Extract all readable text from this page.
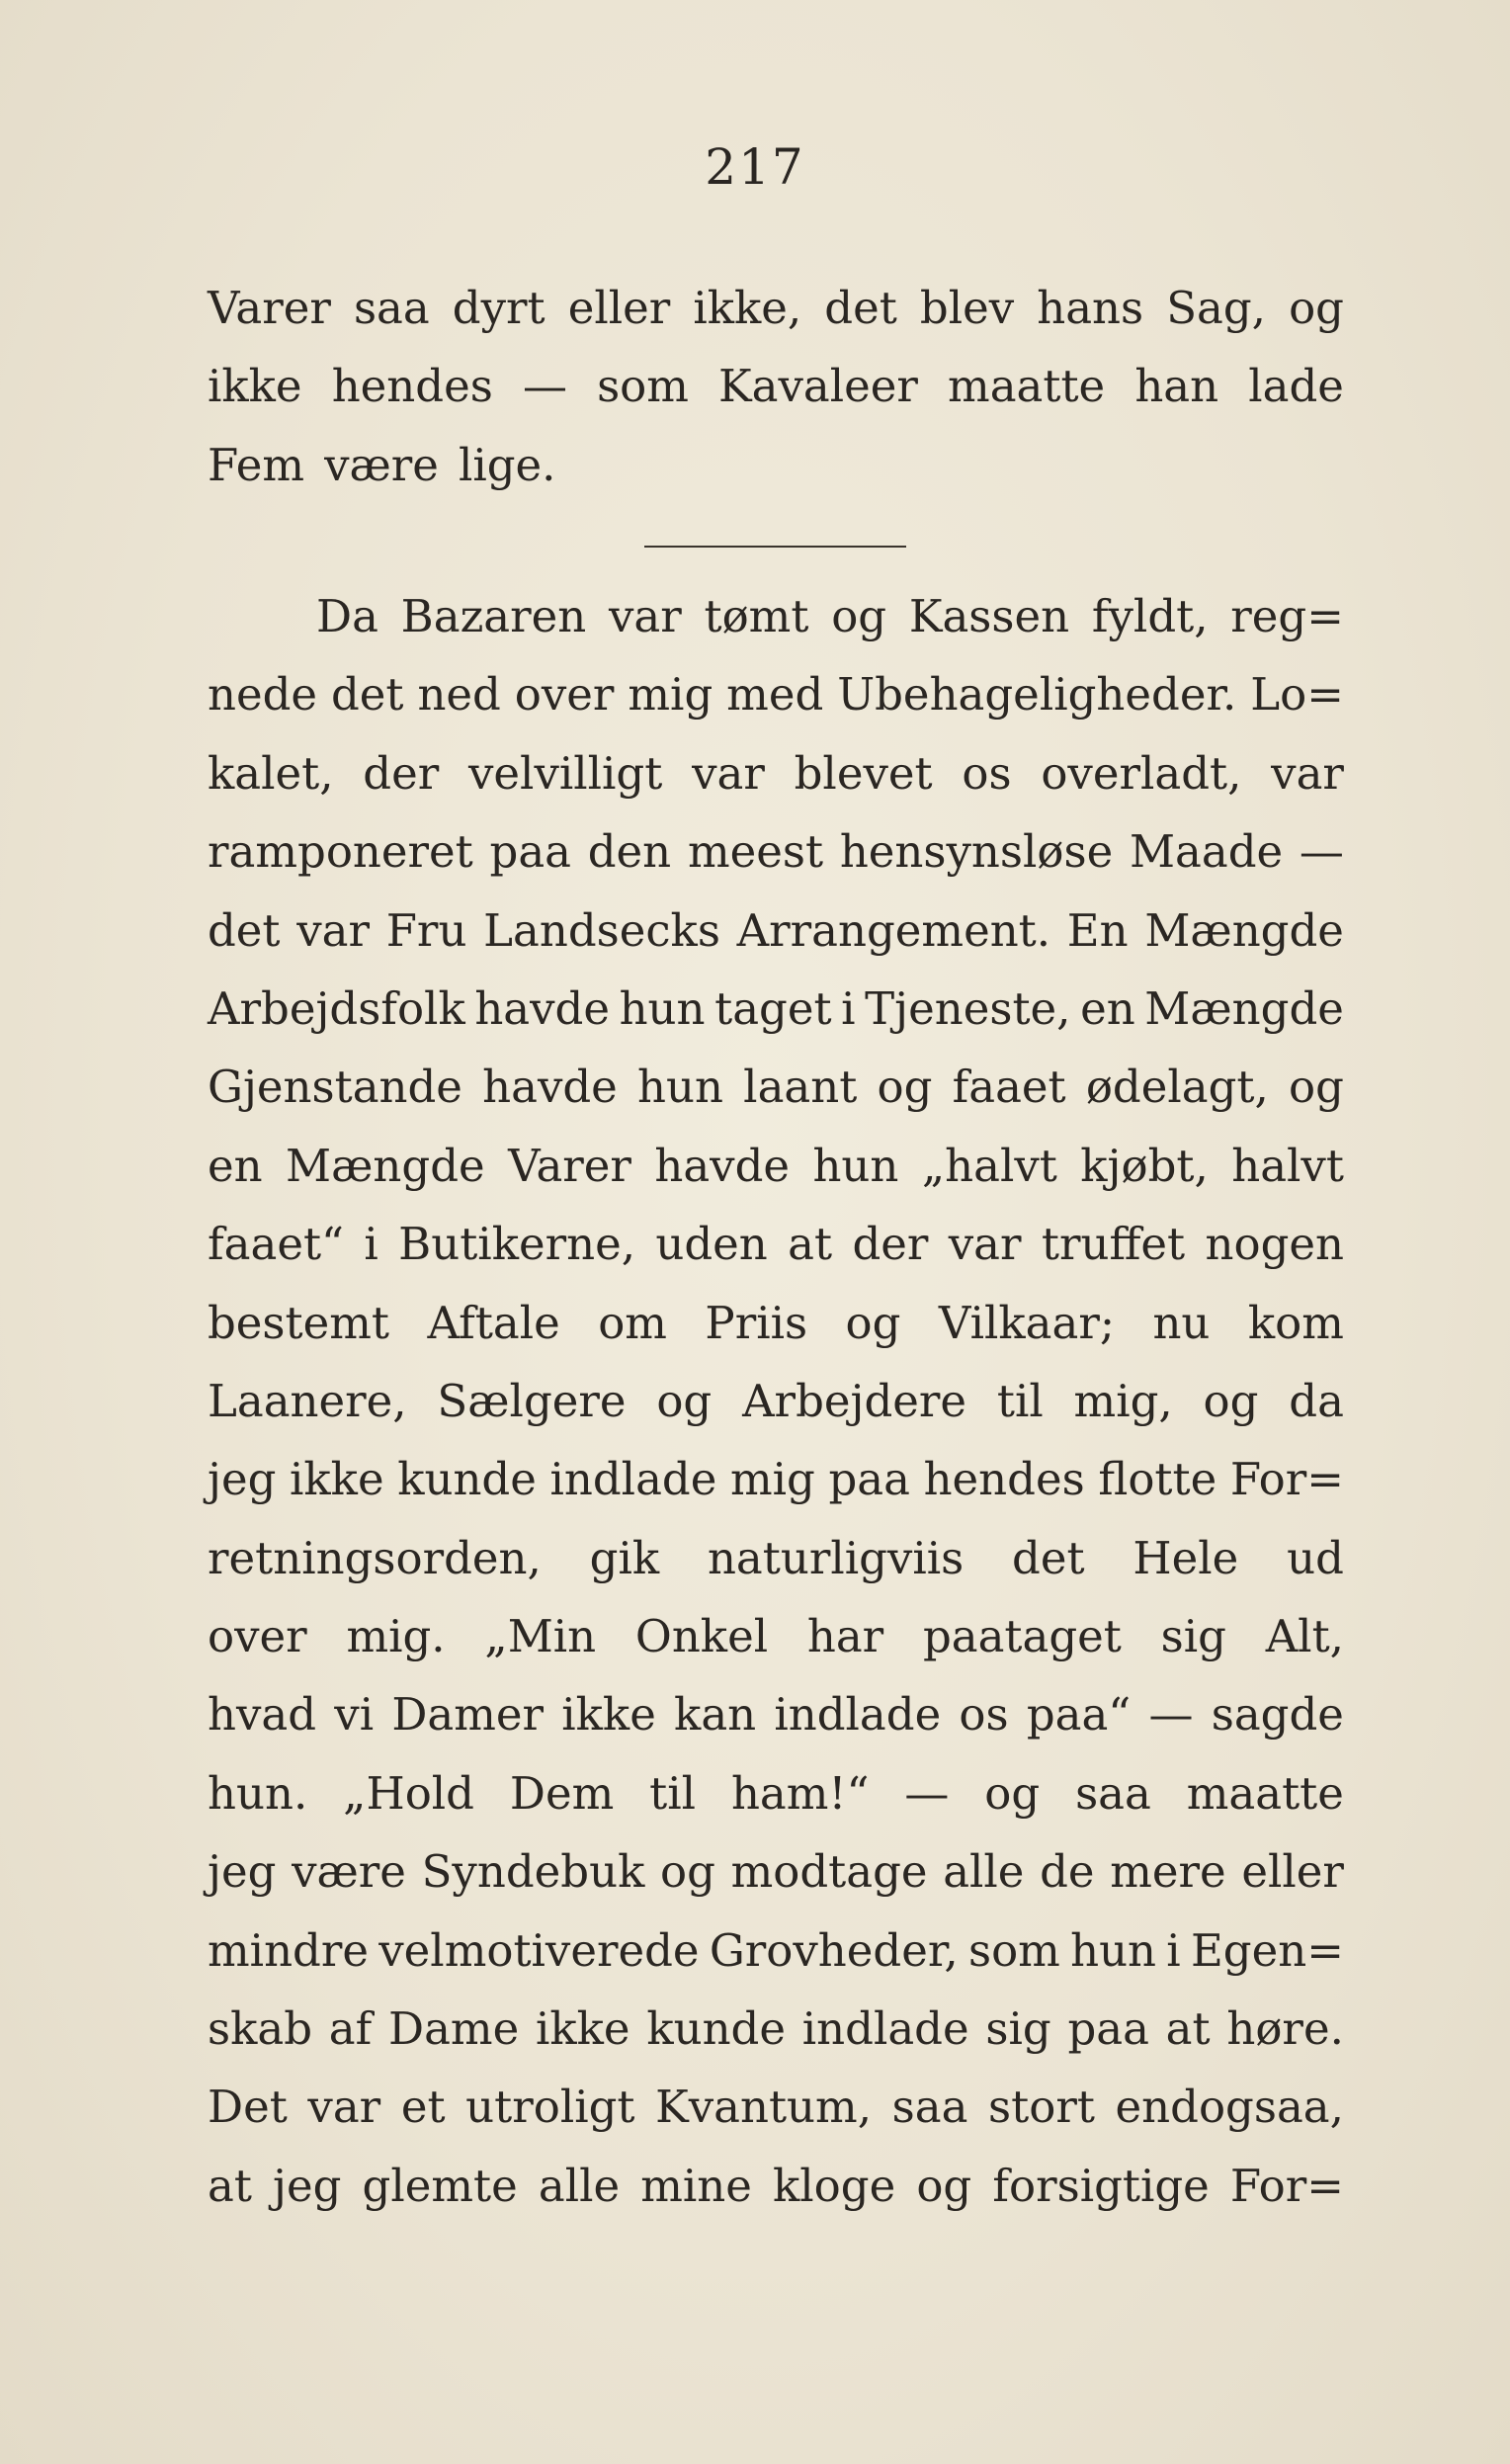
217
Varer saa dyrt eller ikke, det blev hans Sag, og
ikke hendes — som Kavaleer maatte han lade
Fem være lige.
Da Bazaren var tømt og Kassen fyldt, reg=
nede det ned over mig med Ubehageligheder. Lo=
kalet, der velvilligt var blevet os overladt, var
ramponeret paa den meest hensynsløse Maade —
det var Fru Landsecks Arrangement. En Mængde
Arbejdsfolk havde hun taget i Tjeneste, en Mængde
Gjenstande havde hun laant og faaet ødelagt, og
en Mængde Varer havde hun „halvt kjøbt, halvt
faaet“ i Butikerne, uden at der var truffet nogen
bestemt Aftale om Priis og Vilkaar; nu kom
Laanere, Sælgere og Arbejdere til mig, og da
jeg ikke kunde indlade mig paa hendes flotte For=
retningsorden, gik naturligviis det Hele ud
over mig. „Min Onkel har paataget sig Alt,
hvad vi Damer ikke kan indlade os paa“ — sagde
hun. „Hold Dem til ham!“ — og saa maatte
jeg være Syndebuk og modtage alle de mere eller
mindre velmotiverede Grovheder, som hun i Egen=
skab af Dame ikke kunde indlade sig paa at høre.
Det var et utroligt Kvantum, saa stort endogsaa,
at jeg glemte alle mine kloge og forsigtige For=
